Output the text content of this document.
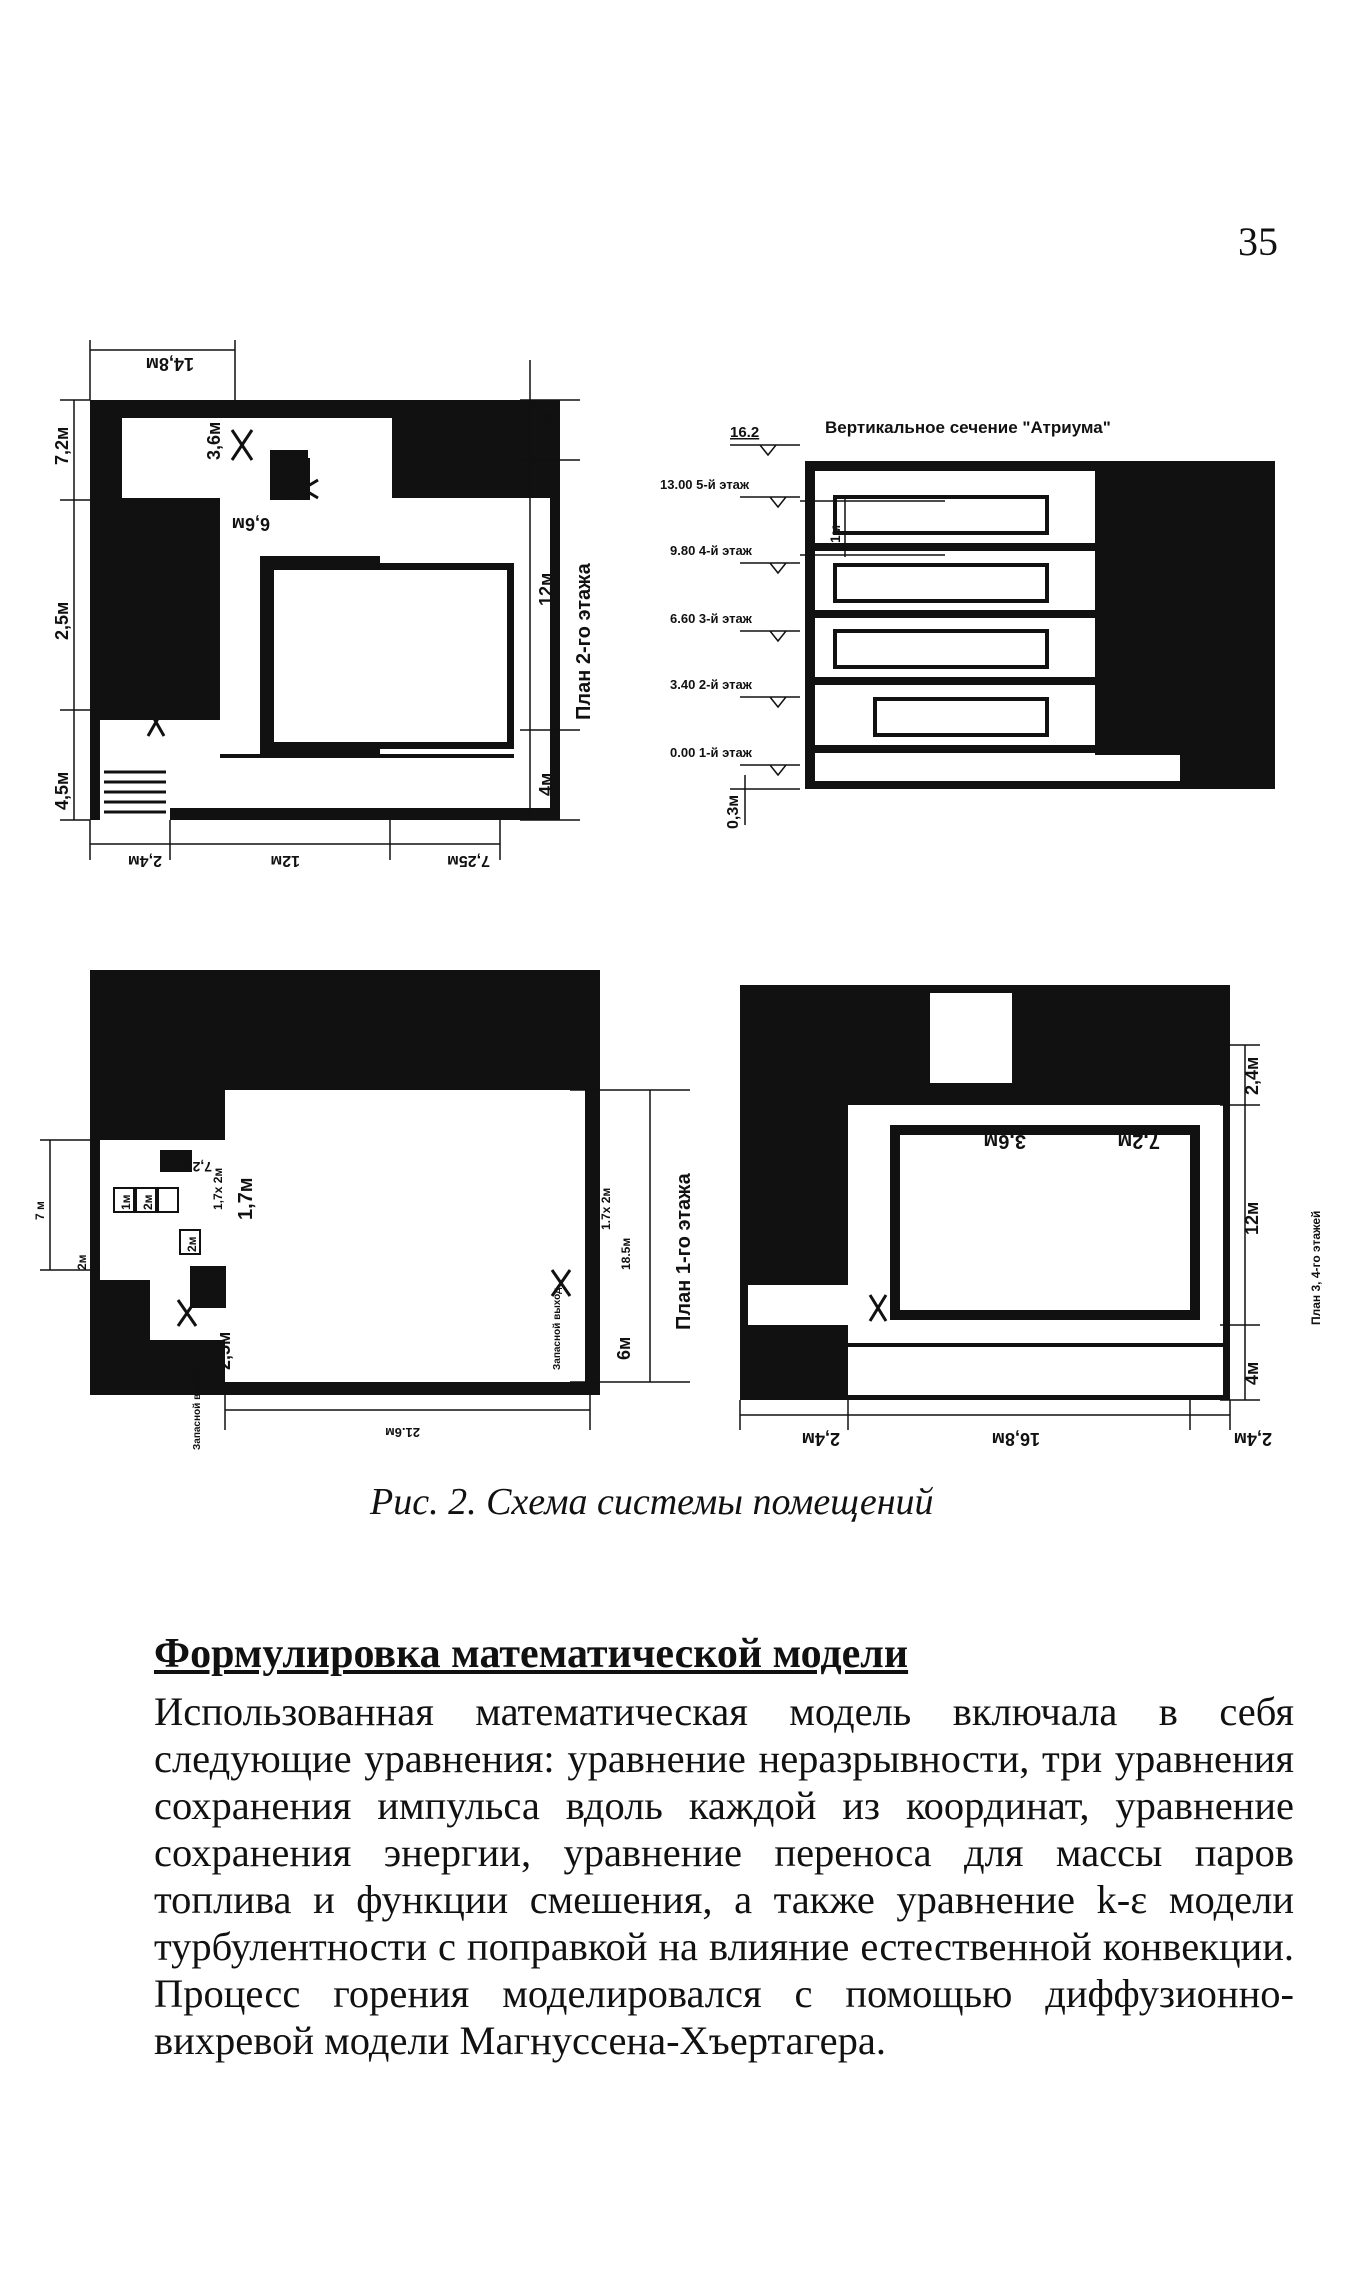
35
14,8м
7,2м
2,5м
4,5м
3,6м
6,6м
2,7м
12м
4м
План 2-го этажа
2,4м	12м	7,25м
Вертикальное сечение "Атриума"
16.2
1м
13.00 5-й этаж
9.80 4-й этаж
6.60 3-й этаж
3.40 2-й этаж
0.00 1-й этаж
0,3м
7 м
2м
1м 2м
2м
1,7х 2м	1.7х 2м
18.5м
7,2м
1,7м
2,5м	6м
Запасной выход
Запасной выход
План 1-го этажа
21.6м
2,4м
12м
4м
3,6м	7,2м
План 3, 4-го этажей
2,4м	16,8м	2,4м
Рис. 2. Схема системы помещений
Формулировка математической модели

Использованная математическая модель включала в себя следующие уравнения: уравнение неразрывности, три уравнения сохранения импульса вдоль каждой из координат, уравнение сохранения энергии, уравнение переноса для массы паров топлива и функции смешения, а также уравнение k-ε модели турбулентности с поправкой на влияние естественной конвекции. Процесс горения моделировался с помощью диффузионно-вихревой модели Магнуссена-Хъертагера.
